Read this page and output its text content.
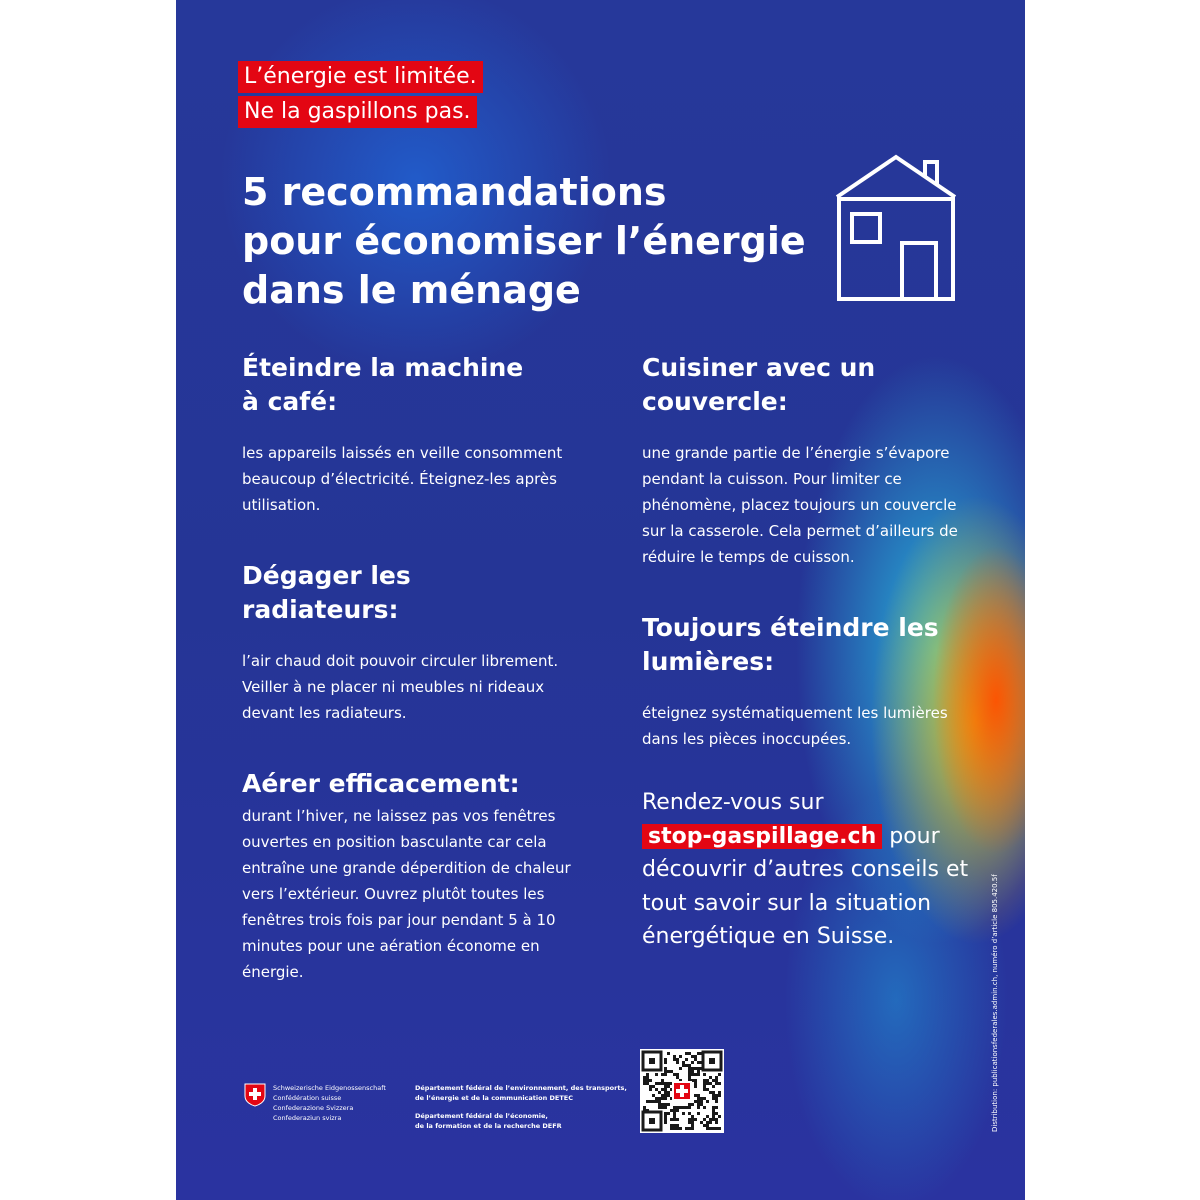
L’énergie est limitée.
Ne la gaspillons pas.
5 recommandations
pour économiser l’énergie
dans le ménage
Éteindre la machine
à café:

les appareils laissés en veille consomment beaucoup d’électricité. Éteignez-les après utilisation.

Dégager les
radiateurs:

l’air chaud doit pouvoir circuler librement. Veiller à ne placer ni meubles ni rideaux devant les radiateurs.

Aérer efficacement:

durant l’hiver, ne laissez pas vos fenêtres ouvertes en position basculante car cela entraîne une grande déperdition de chaleur vers l’extérieur. Ouvrez plutôt toutes les fenêtres trois fois par jour pendant 5 à 10 minutes pour une aération économe en énergie.

Cuisiner avec un
couvercle:

une grande partie de l’énergie s’évapore pendant la cuisson. Pour limiter ce phénomène, placez toujours un couvercle sur la casserole. Cela permet d’ailleurs de réduire le temps de cuisson.

Toujours éteindre les
lumières:

éteignez systématiquement les lumières dans les pièces inoccupées.

Rendez-vous sur
stop-gaspillage.ch pour découvrir d’autres conseils et tout savoir sur la situation énergétique en Suisse.

Schweizerische Eidgenossenschaft
Confédération suisse
Confederazione Svizzera
Confederaziun svizra
Département fédéral de l’environnement, des transports,
de l’énergie et de la communication DETEC
Département fédéral de l’économie,
de la formation et de la recherche DEFR	Distribution: publicationsfederales.admin.ch, numéro d’article 805.420.5f
